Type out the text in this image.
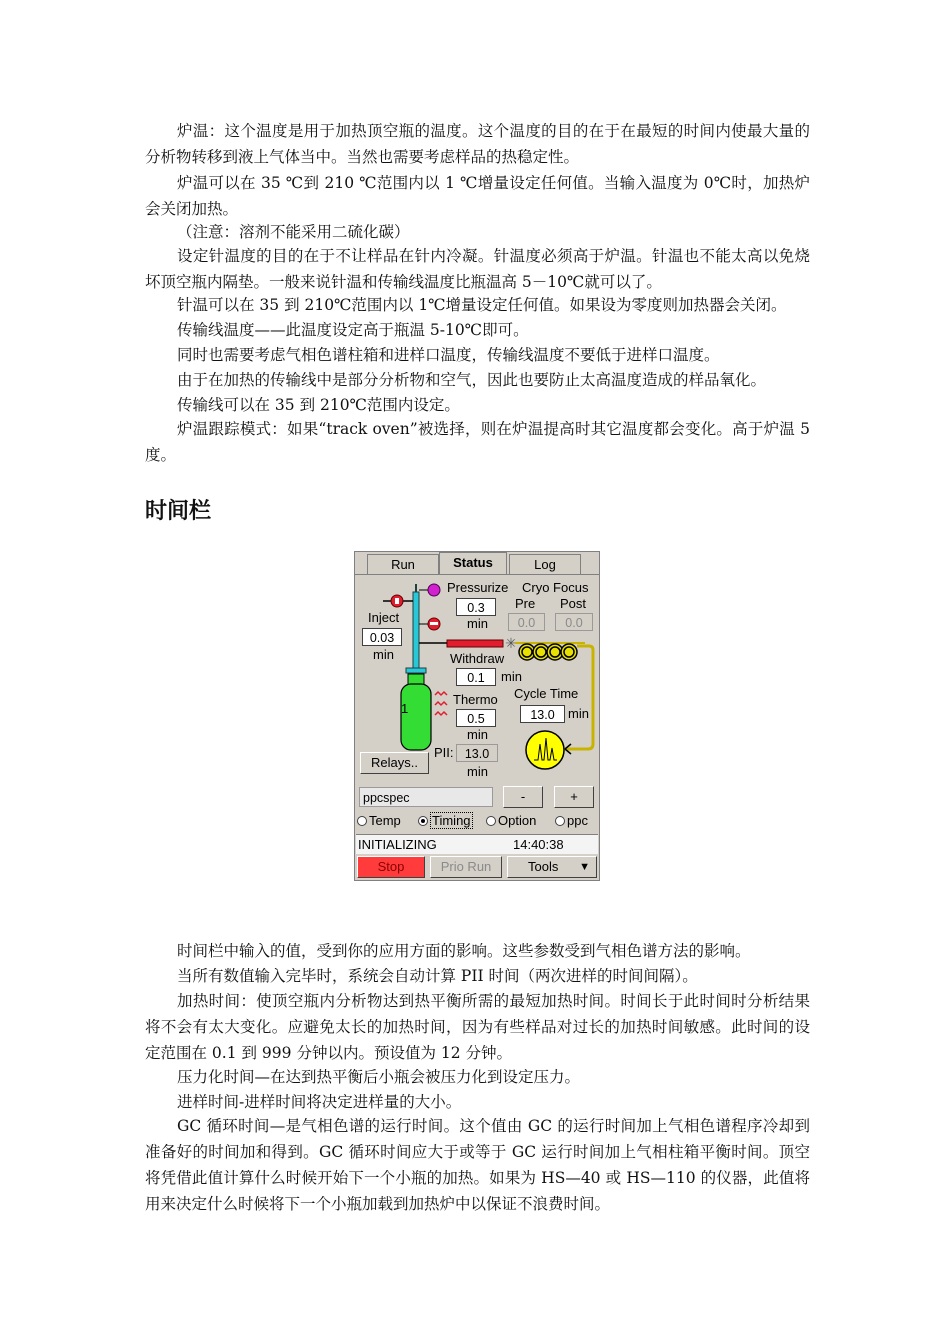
炉温：这个温度是用于加热顶空瓶的温度。这个温度的目的在于在最短的时间内使最大量的分析物转移到液上气体当中。当然也需要考虑样品的热稳定性。

炉温可以在 35 ℃到 210 ℃范围内以 1 ℃增量设定任何值。当输入温度为 0℃时，加热炉会关闭加热。

（注意：溶剂不能采用二硫化碳）

设定针温度的目的在于不让样品在针内冷凝。针温度必须高于炉温。针温也不能太高以免烧坏顶空瓶内隔垫。一般来说针温和传输线温度比瓶温高 5－10℃就可以了。

针温可以在 35 到 210℃范围内以 1℃增量设定任何值。如果设为零度则加热器会关闭。

传输线温度——此温度设定高于瓶温 5-10℃即可。

同时也需要考虑气相色谱柱箱和进样口温度，传输线温度不要低于进样口温度。

由于在加热的传输线中是部分分析物和空气，因此也要防止太高温度造成的样品氧化。

传输线可以在 35 到 210℃范围内设定。

炉温跟踪模式：如果“track oven”被选择，则在炉温提高时其它温度都会变化。高于炉温 5 度。

时间栏
Run	Status	Log
✳
1
Pressurize
0.3
min
Cryo Focus
Pre Post
0.0	0.0
Inject
0.03
min	Withdraw
0.1	min
Thermo
0.5
min
Cycle Time
13.0	min
PII: 13.0
min
Relays..
ppcspec	-	+
Temp	Timing	Option	ppc
INITIALIZING	14:40:38
Stop	Prio Run	Tools ▼

时间栏中输入的值，受到你的应用方面的影响。这些参数受到气相色谱方法的影响。

当所有数值输入完毕时，系统会自动计算 PII 时间（两次进样的时间间隔）。

加热时间：使顶空瓶内分析物达到热平衡所需的最短加热时间。时间长于此时间时分析结果将不会有太大变化。应避免太长的加热时间，因为有些样品对过长的加热时间敏感。此时间的设定范围在 0.1 到 999 分钟以内。预设值为 12 分钟。

压力化时间—在达到热平衡后小瓶会被压力化到设定压力。

进样时间-进样时间将决定进样量的大小。

GC 循环时间—是气相色谱的运行时间。这个值由 GC 的运行时间加上气相色谱程序冷却到准备好的时间加和得到。GC 循环时间应大于或等于 GC 运行时间加上气相柱箱平衡时间。顶空将凭借此值计算什么时候开始下一个小瓶的加热。如果为 HS—40 或 HS—110 的仪器，此值将用来决定什么时候将下一个小瓶加载到加热炉中以保证不浪费时间。
